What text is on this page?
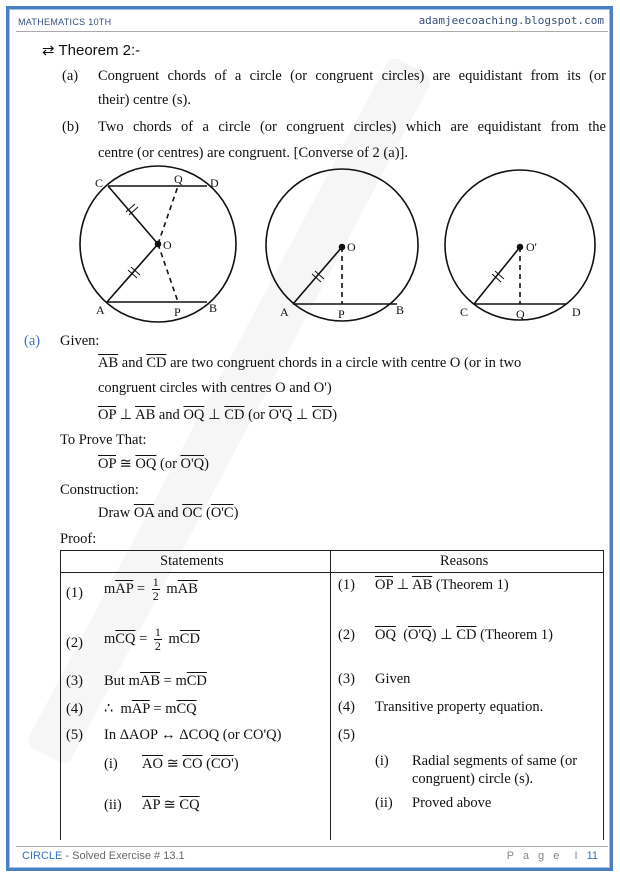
MATHEMATICS 10TH	adamjeecoaching.blogspot.com
⇄ Theorem 2:-
(a) Congruent chords of a circle (or congruent circles) are equidistant from its (or
their) centre (s).
(b) Two chords of a circle (or congruent circles) which are equidistant from the
centre (or centres) are congruent. [Converse of 2 (a)].
C	Q D
O
A	P B
O
A	P	B
O'
C	Q	D
(a) Given:
$\overline{AB}$ and $\overline{CD}$ are two congruent chords in a circle with centre O (or in two
congruent circles with centres O and O')
$\overline{OP}$ ⊥ $\overline{AB}$ and $\overline{OQ}$ ⊥ $\overline{CD}$ (or O'Q ⊥ $\overline{CD}$)
To Prove That:
$\overline{OP}$ ≅ $\overline{OQ}$ (or O'Q)
Construction:
Draw $\overline{OA}$ and $\overline{OC}$ (O'C)
Proof:
Statements	Reasons
(1) $m\overline{AP} = \frac{1}{2} m\overline{AB}$	(1) $\overline{OP}$ ⊥ $\overline{AB}$ (Theorem 1)
(2) $m\overline{CQ} = \frac{1}{2} m\overline{CD}$	(2) $\overline{OQ}$  (O'Q) ⊥ $\overline{CD}$ (Theorem 1)
(3) But $m\overline{AB} = m\overline{CD}$	(3) Given
(4) ∴  $m\overline{AP} = m\overline{CQ}$	(4) Transitive property equation.
(5) In ΔAOP ↔ ΔCOQ (or CO'Q)	(5)
(i) $\overline{AO}$ ≅ $\overline{CO}$ (CO')	(i) Radial segments of same (or
congruent) circle (s).
(ii) $\overline{AP}$ ≅ $\overline{CQ}$	(ii) Proved above
CIRCLE - Solved Exercise # 13.1	P a g e  I 11
